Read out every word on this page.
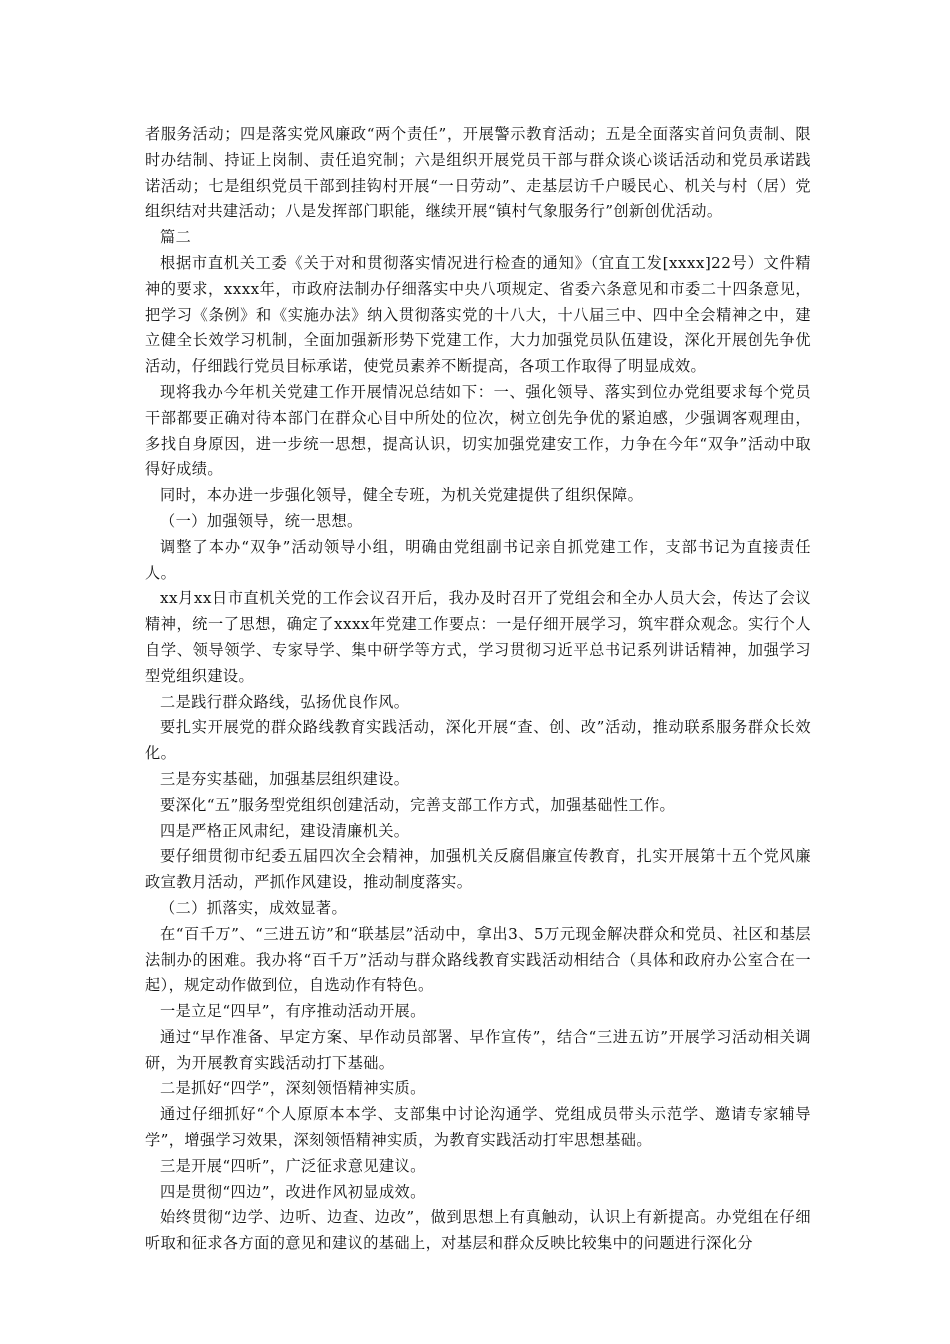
者服务活动；四是落实党风廉政“两个责任”，开展警示教育活动；五是全面落实首问负责制、限时办结制、持证上岗制、责任追究制；六是组织开展党员干部与群众谈心谈话活动和党员承诺践诺活动；七是组织党员干部到挂钩村开展“一日劳动”、走基层访千户暖民心、机关与村（居）党组织结对共建活动；八是发挥部门职能，继续开展“镇村气象服务行”创新创优活动。

篇二

根据市直机关工委《关于对和贯彻落实情况进行检查的通知》（宜直工发[xxxx]22号）文件精神的要求，xxxx年，市政府法制办仔细落实中央八项规定、省委六条意见和市委二十四条意见，把学习《条例》和《实施办法》纳入贯彻落实党的十八大，十八届三中、四中全会精神之中，建立健全长效学习机制，全面加强新形势下党建工作，大力加强党员队伍建设，深化开展创先争优活动，仔细践行党员目标承诺，使党员素养不断提高，各项工作取得了明显成效。

现将我办今年机关党建工作开展情况总结如下：一、强化领导、落实到位办党组要求每个党员干部都要正确对待本部门在群众心目中所处的位次，树立创先争优的紧迫感，少强调客观理由，多找自身原因，进一步统一思想，提高认识，切实加强党建安工作，力争在今年“双争”活动中取得好成绩。

同时，本办进一步强化领导，健全专班，为机关党建提供了组织保障。

（一）加强领导，统一思想。

调整了本办“双争”活动领导小组，明确由党组副书记亲自抓党建工作，支部书记为直接责任人。

xx月xx日市直机关党的工作会议召开后，我办及时召开了党组会和全办人员大会，传达了会议精神，统一了思想，确定了xxxx年党建工作要点：一是仔细开展学习，筑牢群众观念。实行个人自学、领导领学、专家导学、集中研学等方式，学习贯彻习近平总书记系列讲话精神，加强学习型党组织建设。

二是践行群众路线，弘扬优良作风。

要扎实开展党的群众路线教育实践活动，深化开展“查、创、改”活动，推动联系服务群众长效化。

三是夯实基础，加强基层组织建设。

要深化“五”服务型党组织创建活动，完善支部工作方式，加强基础性工作。

四是严格正风肃纪，建设清廉机关。

要仔细贯彻市纪委五届四次全会精神，加强机关反腐倡廉宣传教育，扎实开展第十五个党风廉政宣教月活动，严抓作风建设，推动制度落实。

（二）抓落实，成效显著。

在“百千万”、“三进五访”和“联基层”活动中，拿出3、5万元现金解决群众和党员、社区和基层法制办的困难。我办将“百千万”活动与群众路线教育实践活动相结合（具体和政府办公室合在一起），规定动作做到位，自选动作有特色。

一是立足“四早”，有序推动活动开展。

通过“早作准备、早定方案、早作动员部署、早作宣传”，结合“三进五访”开展学习活动相关调研，为开展教育实践活动打下基础。

二是抓好“四学”，深刻领悟精神实质。

通过仔细抓好“个人原原本本学、支部集中讨论沟通学、党组成员带头示范学、邀请专家辅导学”，增强学习效果，深刻领悟精神实质，为教育实践活动打牢思想基础。

三是开展“四听”，广泛征求意见建议。

四是贯彻“四边”，改进作风初显成效。

始终贯彻“边学、边听、边查、边改”，做到思想上有真触动，认识上有新提高。办党组在仔细听取和征求各方面的意见和建议的基础上，对基层和群众反映比较集中的问题进行深化分
